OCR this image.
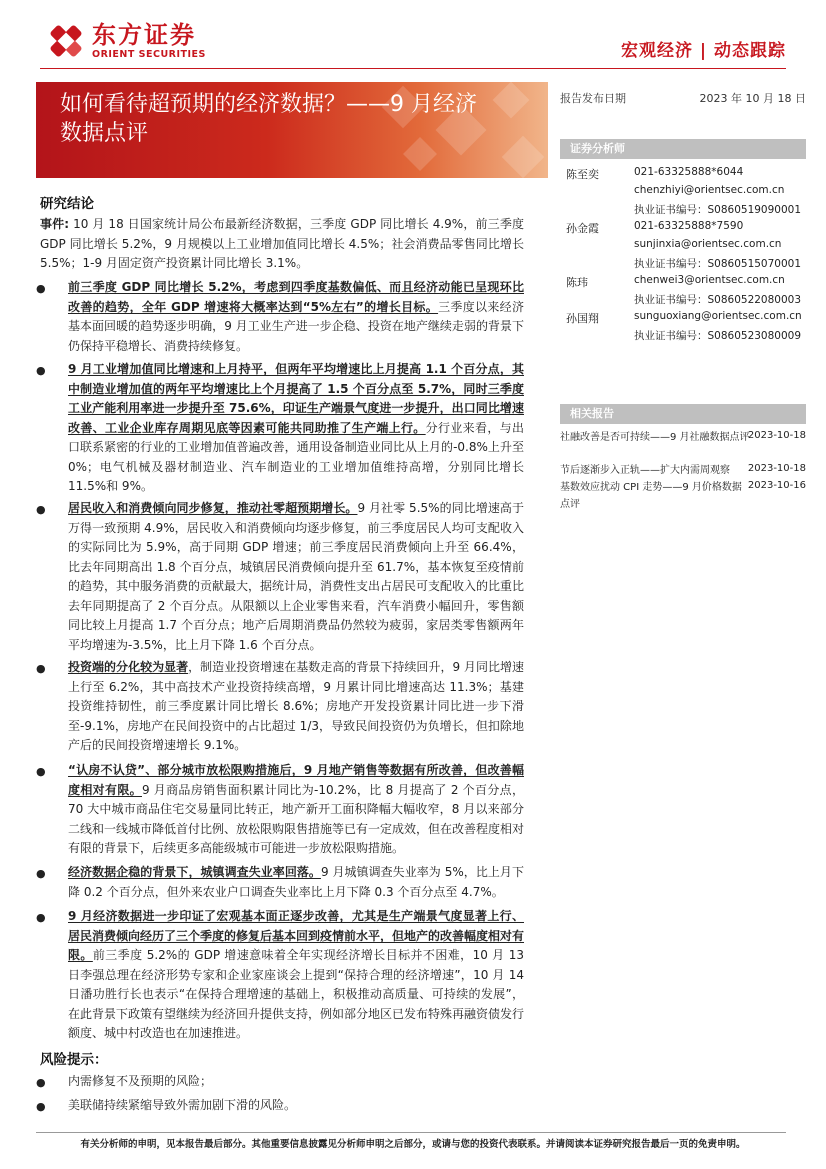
东方证券
ORIENT SECURITIES	宏观经济 | 动态跟踪
如何看待超预期的经济数据？——9 月经济
数据点评
报告发布日期	2023 年 10 月 18 日
证券分析师
陈至奕	021-63325888*6044
chenzhiyi@orientsec.com.cn
执业证书编号：S0860519090001
孙金霞	021-63325888*7590
sunjinxia@orientsec.com.cn
执业证书编号：S0860515070001
陈玮	chenwei3@orientsec.com.cn
执业证书编号：S0860522080003
孙国翔	sunguoxiang@orientsec.com.cn
执业证书编号：S0860523080009
相关报告
社融改善是否可持续——9 月社融数据点评
2023-10-18
节后逐渐步入正轨——扩大内需周观察	2023-10-18
基数效应扰动 CPI 走势——9 月价格数据点评
2023-10-16
研究结论
事件: 10 月 18 日国家统计局公布最新经济数据，三季度 GDP 同比增长 4.9%，前三季度 GDP 同比增长 5.2%，9 月规模以上工业增加值同比增长 4.5%；社会消费品零售同比增长 5.5%；1-9 月固定资产投资累计同比增长 3.1%。
● 前三季度 GDP 同比增长 5.2%，考虑到四季度基数偏低、而且经济动能已呈现环比改善的趋势，全年 GDP 增速将大概率达到“5%左右”的增长目标。三季度以来经济基本面回暖的趋势逐步明确，9 月工业生产进一步企稳、投资在地产继续走弱的背景下仍保持平稳增长、消费持续修复。
● 9 月工业增加值同比增速和上月持平，但两年平均增速比上月提高 1.1 个百分点，其中制造业增加值的两年平均增速比上个月提高了 1.5 个百分点至 5.7%，同时三季度工业产能利用率进一步提升至 75.6%，印证生产端景气度进一步提升，出口同比增速改善、工业企业库存周期见底等因素可能共同助推了生产端上行。分行业来看，与出口联系紧密的行业的工业增加值普遍改善，通用设备制造业同比从上月的-0.8%上升至 0%；电气机械及器材制造业、汽车制造业的工业增加值维持高增，分别同比增长 11.5%和 9%。
● 居民收入和消费倾向同步修复，推动社零超预期增长。9 月社零 5.5%的同比增速高于万得一致预期 4.9%，居民收入和消费倾向均逐步修复，前三季度居民人均可支配收入的实际同比为 5.9%，高于同期 GDP 增速；前三季度居民消费倾向上升至 66.4%，比去年同期高出 1.8 个百分点，城镇居民消费倾向提升至 61.7%，基本恢复至疫情前的趋势，其中服务消费的贡献最大，据统计局，消费性支出占居民可支配收入的比重比去年同期提高了 2 个百分点。从限额以上企业零售来看，汽车消费小幅回升，零售额同比较上月提高 1.7 个百分点；地产后周期消费品仍然较为疲弱，家居类零售额两年平均增速为-3.5%，比上月下降 1.6 个百分点。
● 投资端的分化较为显著，制造业投资增速在基数走高的背景下持续回升，9 月同比增速上行至 6.2%，其中高技术产业投资持续高增，9 月累计同比增速高达 11.3%；基建投资维持韧性，前三季度累计同比增长 8.6%；房地产开发投资累计同比进一步下滑至-9.1%，房地产在民间投资中的占比超过 1/3，导致民间投资仍为负增长，但扣除地产后的民间投资增速增长 9.1%。
● “认房不认贷”、部分城市放松限购措施后，9 月地产销售等数据有所改善，但改善幅度相对有限。9 月商品房销售面积累计同比为-10.2%，比 8 月提高了 2 个百分点，70 大中城市商品住宅交易量同比转正，地产新开工面积降幅大幅收窄，8 月以来部分二线和一线城市降低首付比例、放松限购限售措施等已有一定成效，但在改善程度相对有限的背景下，后续更多高能级城市可能进一步放松限购措施。
● 经济数据企稳的背景下，城镇调查失业率回落。9 月城镇调查失业率为 5%，比上月下降 0.2 个百分点，但外来农业户口调查失业率比上月下降 0.3 个百分点至 4.7%。
● 9 月经济数据进一步印证了宏观基本面正逐步改善，尤其是生产端景气度显著上行、居民消费倾向经历了三个季度的修复后基本回到疫情前水平，但地产的改善幅度相对有限。前三季度 5.2%的 GDP 增速意味着全年实现经济增长目标并不困难，10 月 13 日李强总理在经济形势专家和企业家座谈会上提到“保持合理的经济增速”，10 月 14 日潘功胜行长也表示“在保持合理增速的基础上，积极推动高质量、可持续的发展”，在此背景下政策有望继续为经济回升提供支持，例如部分地区已发布特殊再融资债发行额度、城中村改造也在加速推进。
风险提示：
● 内需修复不及预期的风险；
● 美联储持续紧缩导致外需加剧下滑的风险。
有关分析师的申明，见本报告最后部分。其他重要信息披露见分析师申明之后部分，或请与您的投资代表联系。并请阅读本证券研究报告最后一页的免责申明。
